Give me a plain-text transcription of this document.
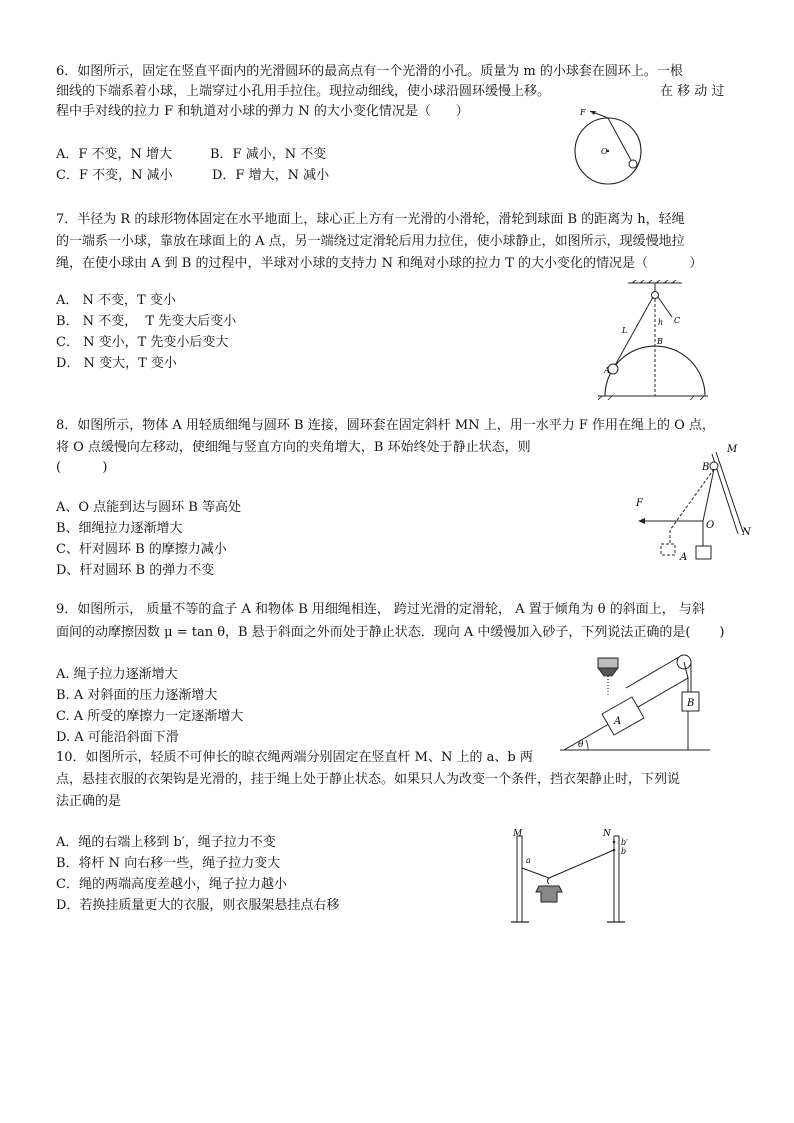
6．如图所示，固定在竖直平面内的光滑圆环的最高点有一个光滑的小孔。质量为 m 的小球套在圆环上。一根
细线的下端系着小球，上端穿过小孔用手拉住。现拉动细线，使小球沿圆环缓慢上移。	在 移 动 过
程中手对线的拉力 F 和轨道对小球的弹力 N 的大小变化情况是（      ）
A．F 不变，N 增大	B．F 减小，N 不变
C．F 不变，N 减小	D．F 增大，N 减小
F
O
7．半径为 R 的球形物体固定在水平地面上，球心正上方有一光滑的小滑轮，滑轮到球面 B 的距离为 h，轻绳
的一端系一小球，靠放在球面上的 A 点，另一端绕过定滑轮后用力拉住，使小球静止，如图所示，现缓慢地拉
绳，在使小球由 A 到 B 的过程中，半球对小球的支持力 N 和绳对小球的拉力 T 的大小变化的情况是（          ）
A． N 不变，T 变小
B． N 不变，  T 先变大后变小
C． N 变小，T 先变小后变大
D． N 变大，T 变小
L
h C
B
A
8．如图所示，物体 A 用轻质细绳与圆环 B 连接，圆环套在固定斜杆 MN 上，用一水平力 F 作用在绳上的 O 点，
将 O 点缓慢向左移动，使细绳与竖直方向的夹角增大，B 环始终处于静止状态，则
(          )
A、O 点能到达与圆环 B 等高处
B、细绳拉力逐渐增大
C、杆对圆环 B 的摩擦力减小
D、杆对圆环 B 的弹力不变
M
B
F
O
A
N
9．如图所示， 质量不等的盒子 A 和物体 B 用细绳相连， 跨过光滑的定滑轮， A 置于倾角为 θ 的斜面上， 与斜
面间的动摩擦因数 μ = tan θ，B 悬于斜面之外而处于静止状态．现向 A 中缓慢加入砂子，下列说法正确的是(       )
A. 绳子拉力逐渐增大
B. A 对斜面的压力逐渐增大
C. A 所受的摩擦力一定逐渐增大
D. A 可能沿斜面下滑
A
B
θ
10．如图所示，轻质不可伸长的晾衣绳两端分别固定在竖直杆 M、N 上的 a、b 两
点，悬挂衣服的衣架钩是光滑的，挂于绳上处于静止状态。如果只人为改变一个条件，挡衣架静止时，下列说
法正确的是
A．绳的右端上移到 b′，绳子拉力不变
B．将杆 N 向右移一些，绳子拉力变大
C．绳的两端高度差越小，绳子拉力越小
D．若换挂质量更大的衣服，则衣服架悬挂点右移
M	N
a
b
b′
